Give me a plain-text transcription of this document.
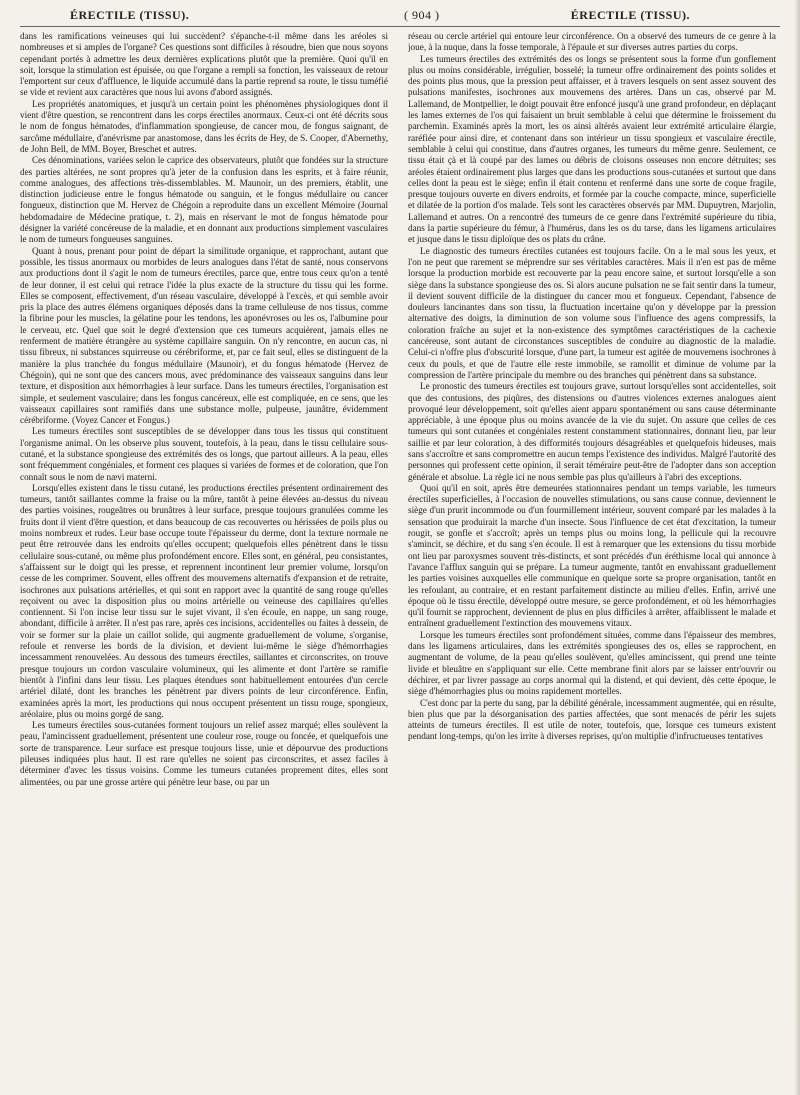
ÉRECTILE (TISSU).	( 904 )	ÉRECTILE (TISSU).

dans les ramifications veineuses qui lui succèdent? s'épanche-t-il même dans les aréoles si nombreuses et si amples de l'organe? Ces questions sont difficiles à résoudre, bien que nous soyons cependant portés à admettre les deux dernières explications plutôt que la première. Quoi qu'il en soit, lorsque la stimulation est épuisée, ou que l'organe a rempli sa fonction, les vaisseaux de retour l'emportent sur ceux d'affluence, le liquide accumulé dans la partie reprend sa route, le tissu tuméfié se vide et revient aux caractères que nous lui avons d'abord assignés.

Les propriétés anatomiques, et jusqu'à un certain point les phénomènes physiologiques dont il vient d'être question, se rencontrent dans les corps érectiles anormaux. Ceux-ci ont été décrits sous le nom de fongus hématodes, d'inflammation spongieuse, de cancer mou, de fongus saignant, de sarcôme médullaire, d'anévrisme par anastomose, dans les écrits de Hey, de S. Cooper, d'Abernethy, de John Bell, de MM. Boyer, Breschet et autres.

Ces dénominations, variées selon le caprice des observateurs, plutôt que fondées sur la structure des parties altérées, ne sont propres qu'à jeter de la confusion dans les esprits, et à faire réunir, comme analogues, des affections très-dissemblables. M. Maunoir, un des premiers, établit, une distinction judicieuse entre le fongus hématode ou sanguin, et le fongus médullaire ou cancer fongueux, distinction que M. Hervez de Chégoin a reproduite dans un excellent Mémoire (Journal hebdomadaire de Médecine pratique, t. 2), mais en réservant le mot de fongus hématode pour désigner la variété concéreuse de la maladie, et en donnant aux productions simplement vasculaires le nom de tumeurs fongueuses sanguines.

Quant à nous, prenant pour point de départ la similitude organique, et rapprochant, autant que possible, les tissus anormaux ou morbides de leurs analogues dans l'état de santé, nous conservons aux productions dont il s'agit le nom de tumeurs érectiles, parce que, entre tous ceux qu'on a tenté de leur donner, il est celui qui retrace l'idée la plus exacte de la structure du tissu qui les forme. Elles se composent, effectivement, d'un réseau vasculaire, développé à l'excès, et qui semble avoir pris la place des autres élémens organiques déposés dans la trame celluleuse de nos tissus, comme la fibrine pour les muscles, la gélatine pour les tendons, les aponévroses ou les os, l'albumine pour le cerveau, etc. Quel que soit le degré d'extension que ces tumeurs acquièrent, jamais elles ne renferment de matière étrangère au système capillaire sanguin. On n'y rencontre, en aucun cas, ni tissu fibreux, ni substances squirreuse ou cérébriforme, et, par ce fait seul, elles se distinguent de la manière la plus tranchée du fongus médullaire (Maunoir), et du fongus hématode (Hervez de Chégoin), qui ne sont que des cancers mous, avec prédominance des vaisseaux sanguins dans leur texture, et disposition aux hémorrhagies à leur surface. Dans les tumeurs érectiles, l'organisation est simple, et seulement vasculaire; dans les fongus cancéreux, elle est compliquée, en ce sens, que les vaisseaux capillaires sont ramifiés dans une substance molle, pulpeuse, jaunâtre, évidemment cérébriforme. (Voyez Cancer et Fongus.)

Les tumeurs érectiles sont susceptibles de se développer dans tous les tissus qui constituent l'organisme animal. On les observe plus souvent, toutefois, à la peau, dans le tissu cellulaire sous-cutané, et la substance spongieuse des extrémités des os longs, que partout ailleurs. A la peau, elles sont fréquemment congéniales, et forment ces plaques si variées de formes et de coloration, que l'on connaît sous le nom de nævi materni.

Lorsqu'elles existent dans le tissu cutané, les productions érectiles présentent ordinairement des tumeurs, tantôt saillantes comme la fraise ou la mûre, tantôt à peine élevées au-dessus du niveau des parties voisines, rougeâtres ou brunâtres à leur surface, presque toujours granulées comme les fruits dont il vient d'être question, et dans beaucoup de cas recouvertes ou hérissées de poils plus ou moins nombreux et rudes. Leur base occupe toute l'épaisseur du derme, dont la texture normale ne peut être retrouvée dans les endroits qu'elles occupent; quelquefois elles pénètrent dans le tissu cellulaire sous-cutané, ou même plus profondément encore. Elles sont, en général, peu consistantes, s'affaissent sur le doigt qui les presse, et reprennent incontinent leur premier volume, lorsqu'on cesse de les comprimer. Souvent, elles offrent des mouvemens alternatifs d'expansion et de retraite, isochrones aux pulsations artérielles, et qui sont en rapport avec la quantité de sang rouge qu'elles reçoivent ou avec la disposition plus ou moins artérielle ou veineuse des capillaires qu'elles contiennent. Si l'on incise leur tissu sur le sujet vivant, il s'en écoule, en nappe, un sang rouge, abondant, difficile à arrêter. Il n'est pas rare, après ces incisions, accidentelles ou faites à dessein, de voir se former sur la plaie un caillot solide, qui augmente graduellement de volume, s'organise, refoule et renverse les bords de la division, et devient lui-même le siège d'hémorrhagies incessamment renouvelées. Au dessous des tumeurs érectiles, saillantes et circonscrites, on trouve presque toujours un cordon vasculaire volumineux, qui les alimente et dont l'artère se ramifie bientôt à l'infini dans leur tissu. Les plaques étendues sont habituellement entourées d'un cercle artériel dilaté, dont les branches les pénètrent par divers points de leur circonférence. Enfin, examinées après la mort, les productions qui nous occupent présentent un tissu rouge, spongieux, aréolaire, plus ou moins gorgé de sang.

Les tumeurs érectiles sous-cutanées forment toujours un relief assez marqué; elles soulèvent la peau, l'amincissent graduellement, présentent une couleur rose, rouge ou foncée, et quelquefois une sorte de transparence. Leur surface est presque toujours lisse, unie et dépourvue des productions pileuses indiquées plus haut. Il est rare qu'elles ne soient pas circonscrites, et assez faciles à déterminer d'avec les tissus voisins. Comme les tumeurs cutanées proprement dites, elles sont alimentées, ou par une grosse artère qui pénètre leur base, ou par un

réseau ou cercle artériel qui entoure leur circonférence. On a observé des tumeurs de ce genre à la joue, à la nuque, dans la fosse temporale, à l'épaule et sur diverses autres parties du corps.

Les tumeurs érectiles des extrémités des os longs se présentent sous la forme d'un gonflement plus ou moins considérable, irrégulier, bosselé; la tumeur offre ordinairement des points solides et des points plus mous, que la pression peut affaisser, et à travers lesquels on sent assez souvent des pulsations manifestes, isochrones aux mouvemens des artères. Dans un cas, observé par M. Lallemand, de Montpellier, le doigt pouvait être enfoncé jusqu'à une grand profondeur, en déplaçant les lames externes de l'os qui faisaient un bruit semblable à celui que détermine le froissement du parchemin. Examinés après la mort, les os ainsi altérés avaient leur extrémité articulaire élargie, raréfiée pour ainsi dire, et contenant dans son intérieur un tissu spongieux et vasculaire érectile, semblable à celui qui constitue, dans d'autres organes, les tumeurs du même genre. Seulement, ce tissu était çà et là coupé par des lames ou débris de cloisons osseuses non encore détruites; ses aréoles étaient ordinairement plus larges que dans les productions sous-cutanées et surtout que dans celles dont la peau est le siège; enfin il était contenu et renfermé dans une sorte de coque fragile, presque toujours ouverte en divers endroits, et formée par la couche compacte, mince, superficielle et dilatée de la portion d'os malade. Tels sont les caractères observés par MM. Dupuytren, Marjolin, Lallemand et autres. On a rencontré des tumeurs de ce genre dans l'extrémité supérieure du tibia, dans la partie supérieure du fémur, à l'humérus, dans les os du tarse, dans les ligamens articulaires et jusque dans le tissu diploïque des os plats du crâne.

Le diagnostic des tumeurs érectiles cutanées est toujours facile. On a le mal sous les yeux, et l'on ne peut que rarement se méprendre sur ses véritables caractères. Mais il n'en est pas de même lorsque la production morbide est recouverte par la peau encore saine, et surtout lorsqu'elle a son siège dans la substance spongieuse des os. Si alors aucune pulsation ne se fait sentir dans la tumeur, il devient souvent difficile de la distinguer du cancer mou et fongueux. Cependant, l'absence de douleurs lancinantes dans son tissu, la fluctuation incertaine qu'on y développe par la pression alternative des doigts, la diminution de son volume sous l'influence des agens compressifs, la coloration fraîche au sujet et la non-existence des symptômes caractéristiques de la cachexie cancéreuse, sont autant de circonstances susceptibles de conduire au diagnostic de la maladie. Celui-ci n'offre plus d'obscurité lorsque, d'une part, la tumeur est agitée de mouvemens isochrones à ceux du pouls, et que de l'autre elle reste immobile, se ramollit et diminue de volume par la compression de l'artère principale du membre ou des branches qui pénètrent dans sa substance.

Le pronostic des tumeurs érectiles est toujours grave, surtout lorsqu'elles sont accidentelles, soit que des contusions, des piqûres, des distensions ou d'autres violences externes analogues aient provoqué leur développement, soit qu'elles aient apparu spontanément ou sans cause déterminante appréciable, à une époque plus ou moins avancée de la vie du sujet. On assure que celles de ces tumeurs qui sont cutanées et congéniales restent constamment stationnaires, donnant lieu, par leur saillie et par leur coloration, à des difformités toujours désagréables et quelquefois hideuses, mais sans s'accroître et sans compromettre en aucun temps l'existence des individus. Malgré l'autorité des personnes qui professent cette opinion, il serait téméraire peut-être de l'adopter dans son acception générale et absolue. La règle ici ne nous semble pas plus qu'ailleurs à l'abri des exceptions.

Quoi qu'il en soit, après être demeurées stationnaires pendant un temps variable, les tumeurs érectiles superficielles, à l'occasion de nouvelles stimulations, ou sans cause connue, deviennent le siège d'un prurit incommode ou d'un fourmillement intérieur, souvent comparé par les malades à la sensation que produirait la marche d'un insecte. Sous l'influence de cet état d'excitation, la tumeur rougit, se gonfle et s'accroît; après un temps plus ou moins long, la pellicule qui la recouvre s'amincit, se déchire, et du sang s'en écoule. Il est à remarquer que les extensions du tissu morbide ont lieu par paroxysmes souvent très-distincts, et sont précédés d'un éréthisme local qui annonce à l'avance l'afflux sanguin qui se prépare. La tumeur augmente, tantôt en envahissant graduellement les parties voisines auxquelles elle communique en quelque sorte sa propre organisation, tantôt en les refoulant, au contraire, et en restant parfaitement distincte au milieu d'elles. Enfin, arrivé une époque où le tissu érectile, développé outre mesure, se gerce profondément, et où les hémorrhagies qu'il fournit se rapprochent, deviennent de plus en plus difficiles à arrêter, affaiblissent le malade et entraînent graduellement l'extinction des mouvemens vitaux.

Lorsque les tumeurs érectiles sont profondément situées, comme dans l'épaisseur des membres, dans les ligamens articulaires, dans les extrémités spongieuses des os, elles se rapprochent, en augmentant de volume, de la peau qu'elles soulèvent, qu'elles amincissent, qui prend une teinte livide et bleuâtre en s'appliquant sur elle. Cette membrane finit alors par se laisser entr'ouvrir ou déchirer, et par livrer passage au corps anormal qui la distend, et qui devient, dès cette époque, le siège d'hémorrhagies plus ou moins rapidement mortelles.

C'est donc par la perte du sang, par la débilité générale, incessamment augmentée, qui en résulte, bien plus que par la désorganisation des parties affectées, que sont menacés de périr les sujets atteints de tumeurs érectiles. Il est utile de noter, toutefois, que, lorsque ces tumeurs existent pendant long-temps, qu'on les irrite à diverses reprises, qu'on multiplie d'infructueuses tentatives
